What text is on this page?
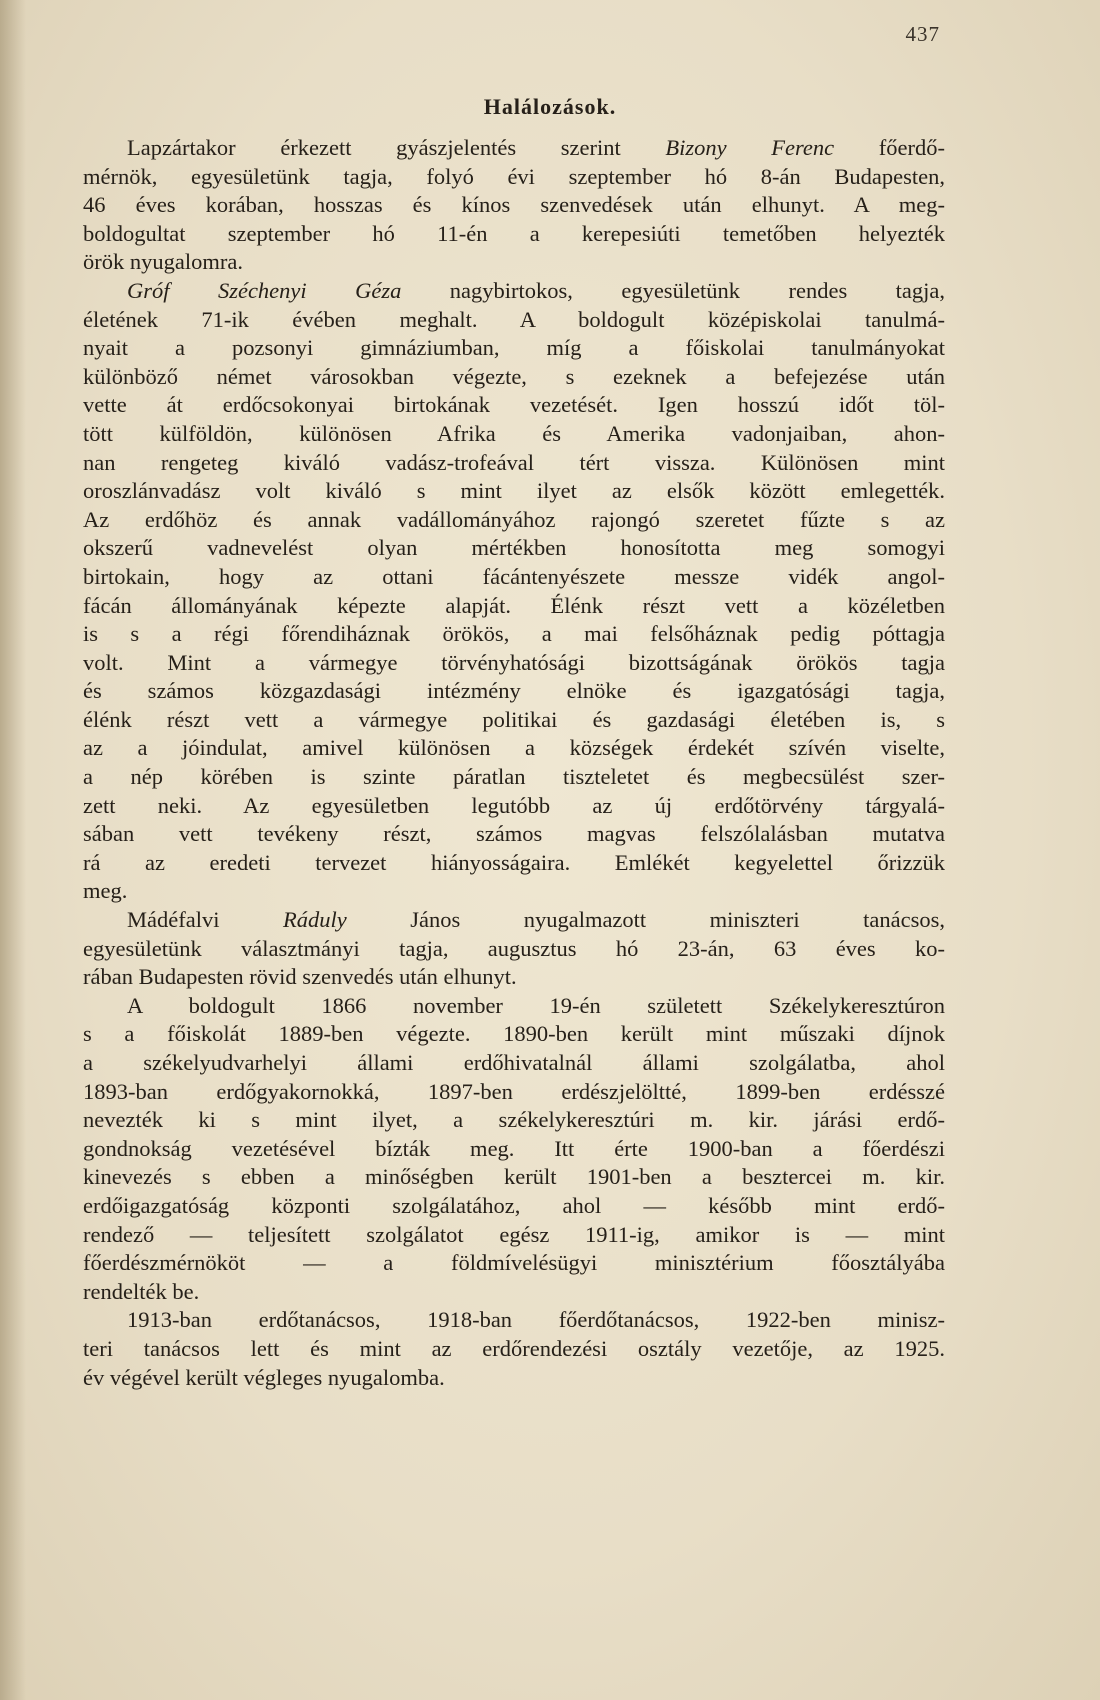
437
Halálozások.
Lapzártakor érkezett gyászjelentés szerint Bizony Ferenc főerdő-
mérnök, egyesületünk tagja, folyó évi szeptember hó 8-án Budapesten,
46 éves korában, hosszas és kínos szenvedések után elhunyt. A meg-
boldogultat szeptember hó 11-én a kerepesiúti temetőben helyezték
örök nyugalomra.
Gróf Széchenyi Géza nagybirtokos, egyesületünk rendes tagja,
életének 71-ik évében meghalt. A boldogult középiskolai tanulmá-
nyait a pozsonyi gimnáziumban, míg a főiskolai tanulmányokat
különböző német városokban végezte, s ezeknek a befejezése után
vette át erdőcsokonyai birtokának vezetését. Igen hosszú időt töl-
tött külföldön, különösen Afrika és Amerika vadonjaiban, ahon-
nan rengeteg kiváló vadász-trofeával tért vissza. Különösen mint
oroszlánvadász volt kiváló s mint ilyet az elsők között emlegették.
Az erdőhöz és annak vadállományához rajongó szeretet fűzte s az
okszerű vadnevelést olyan mértékben honosította meg somogyi
birtokain, hogy az ottani fácántenyészete messze vidék angol-
fácán állományának képezte alapját. Élénk részt vett a közéletben
is s a régi főrendiháznak örökös, a mai felsőháznak pedig póttagja
volt. Mint a vármegye törvényhatósági bizottságának örökös tagja
és számos közgazdasági intézmény elnöke és igazgatósági tagja,
élénk részt vett a vármegye politikai és gazdasági életében is, s
az a jóindulat, amivel különösen a községek érdekét szívén viselte,
a nép körében is szinte páratlan tiszteletet és megbecsülést szer-
zett neki. Az egyesületben legutóbb az új erdőtörvény tárgyalá-
sában vett tevékeny részt, számos magvas felszólalásban mutatva
rá az eredeti tervezet hiányosságaira. Emlékét kegyelettel őrizzük
meg.
Mádéfalvi Ráduly János nyugalmazott miniszteri tanácsos,
egyesületünk választmányi tagja, augusztus hó 23-án, 63 éves ko-
rában Budapesten rövid szenvedés után elhunyt.
A boldogult 1866 november 19-én született Székelykeresztúron
s a főiskolát 1889-ben végezte. 1890-ben került mint műszaki díjnok
a székelyudvarhelyi állami erdőhivatalnál állami szolgálatba, ahol
1893-ban erdőgyakornokká, 1897-ben erdészjelöltté, 1899-ben erdésszé
nevezték ki s mint ilyet, a székelykeresztúri m. kir. járási erdő-
gondnokság vezetésével bízták meg. Itt érte 1900-ban a főerdészi
kinevezés s ebben a minőségben került 1901-ben a besztercei m. kir.
erdőigazgatóság központi szolgálatához, ahol — később mint erdő-
rendező — teljesített szolgálatot egész 1911-ig, amikor is — mint
főerdészmérnököt — a földmívelésügyi minisztérium főosztályába
rendelték be.
1913-ban erdőtanácsos, 1918-ban főerdőtanácsos, 1922-ben minisz-
teri tanácsos lett és mint az erdőrendezési osztály vezetője, az 1925.
év végével került végleges nyugalomba.
